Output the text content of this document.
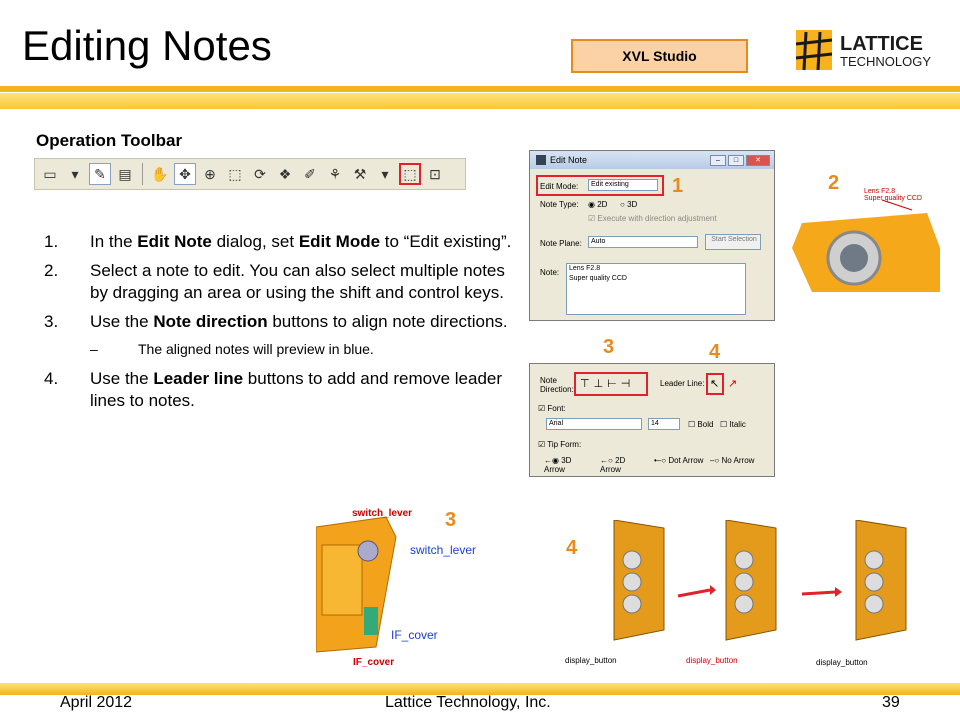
Editing Notes	XVL Studio
LATTICE
TECHNOLOGY
Operation Toolbar
▭	▾	✎ ▤	✋ ✥ ⊕ ⬚ ⟳ ❖ ✐ ⚘ ⚒	▾	⬚ ⊡
1.	In the Edit Note dialog, set Edit Mode to “Edit existing”.
2.	Select a note to edit. You can also select multiple notes by dragging an area or using the shift and control keys.
3.	Use the Note direction buttons to align note directions.
–	The aligned notes will preview in blue.
4.	Use the Leader line buttons to add and remove leader lines to notes.
Edit Note	–	□	✕
Edit Mode:	Edit existing
Note Type: ◉ 2D ○ 3D
☑ Execute with direction adjustment
Note Plane:	Auto	Start Selection
Note: Lens F2.8
Super quality CCD
1	2	Lens F2.8
Super quality CCD
3	4
Note Direction: ⊤⊥⊢⊣	Leader Line: ↖ ↗
☑ Font:
Arial	14	☐ Bold ☐ Italic
☑ Tip Form:
←◉ 3D Arrow
←○ 2D Arrow
•–○ Dot Arrow –○ No Arrow
switch_lever
switch_lever
IF_cover
IF_cover
3
4
display_button	display_button	display_button
April 2012	Lattice Technology, Inc.	39
